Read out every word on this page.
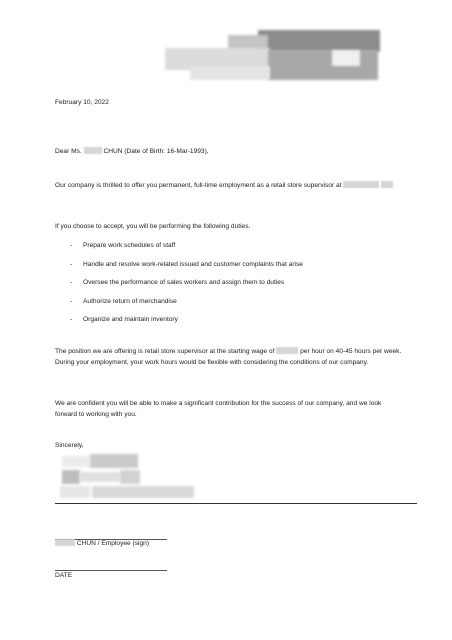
February 10, 2022
Dear Ms.	CHUN (Date of Birth: 16-Mar-1993),
Our company is thrilled to offer you permanent, full-time employment as a retail store supervisor at
If you choose to accept, you will be performing the following duties.
- Prepare work schedules of staff
- Handle and resolve work-related issued and customer complaints that arise
- Oversee the performance of sales workers and assign them to duties
- Authorize return of merchandise
- Organize and maintain inventory
The position we are offering is retail store supervisor at the starting wage of	per hour on 40-45 hours per week. During your employment, your work hours would be flexible with considering the conditions of our company.
We are confident you will be able to make a significant contribution for the success of our company, and we look forward to working with you.
Sincerely,
CHUN / Employee (sign)
DATE
